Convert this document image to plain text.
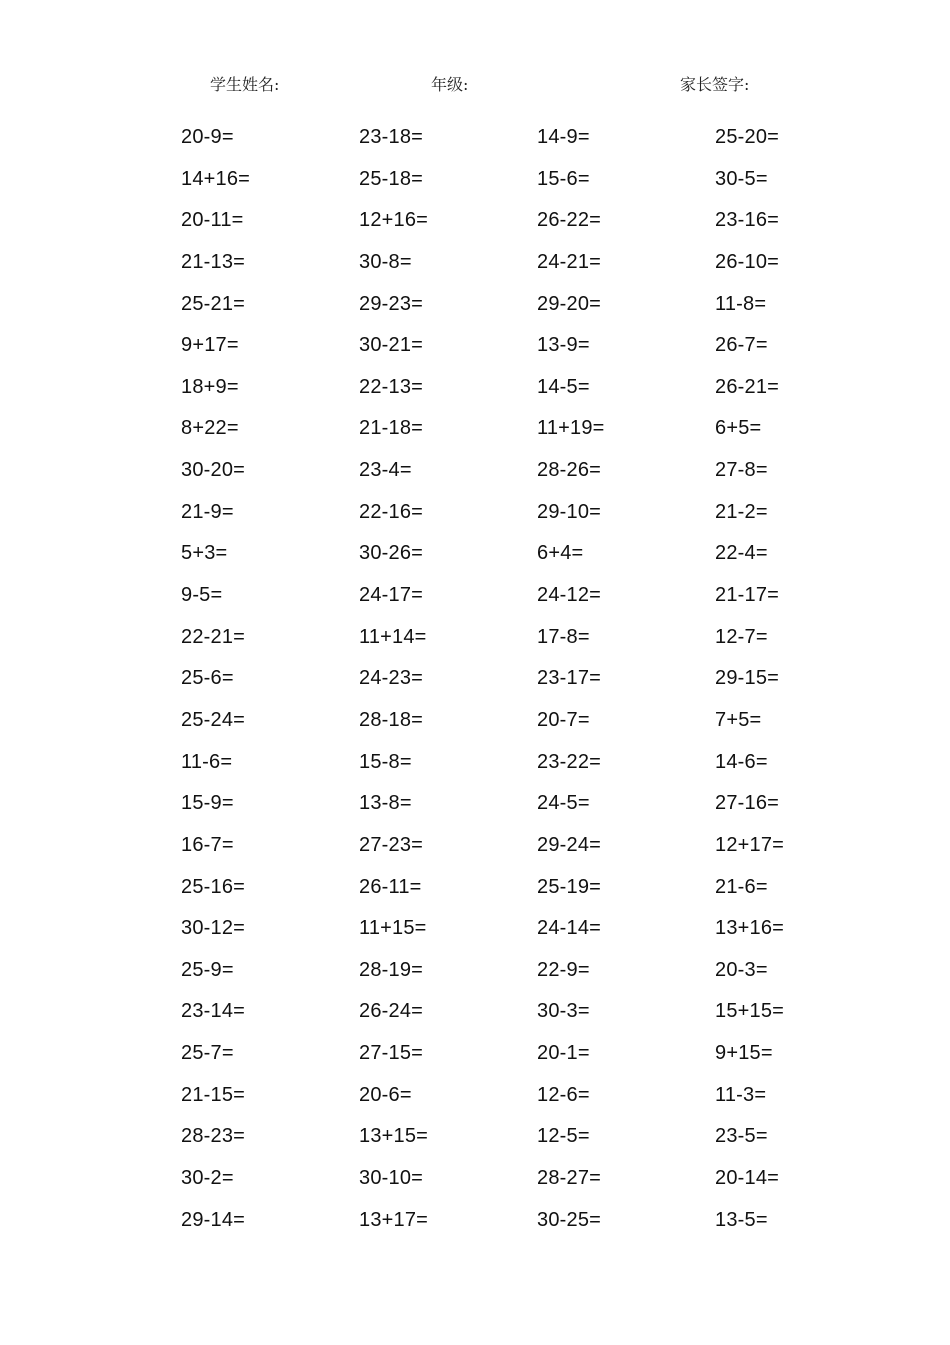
学生姓名:	年级:	家长签字:
20-9=	23-18=	14-9=	25-20=
14+16=	25-18=	15-6=	30-5=
20-11=	12+16=	26-22=	23-16=
21-13=	30-8=	24-21=	26-10=
25-21=	29-23=	29-20=	11-8=
9+17=	30-21=	13-9=	26-7=
18+9=	22-13=	14-5=	26-21=
8+22=	21-18=	11+19=	6+5=
30-20=	23-4=	28-26=	27-8=
21-9=	22-16=	29-10=	21-2=
5+3=	30-26=	6+4=	22-4=
9-5=	24-17=	24-12=	21-17=
22-21=	11+14=	17-8=	12-7=
25-6=	24-23=	23-17=	29-15=
25-24=	28-18=	20-7=	7+5=
11-6=	15-8=	23-22=	14-6=
15-9=	13-8=	24-5=	27-16=
16-7=	27-23=	29-24=	12+17=
25-16=	26-11=	25-19=	21-6=
30-12=	11+15=	24-14=	13+16=
25-9=	28-19=	22-9=	20-3=
23-14=	26-24=	30-3=	15+15=
25-7=	27-15=	20-1=	9+15=
21-15=	20-6=	12-6=	11-3=
28-23=	13+15=	12-5=	23-5=
30-2=	30-10=	28-27=	20-14=
29-14=	13+17=	30-25=	13-5=
